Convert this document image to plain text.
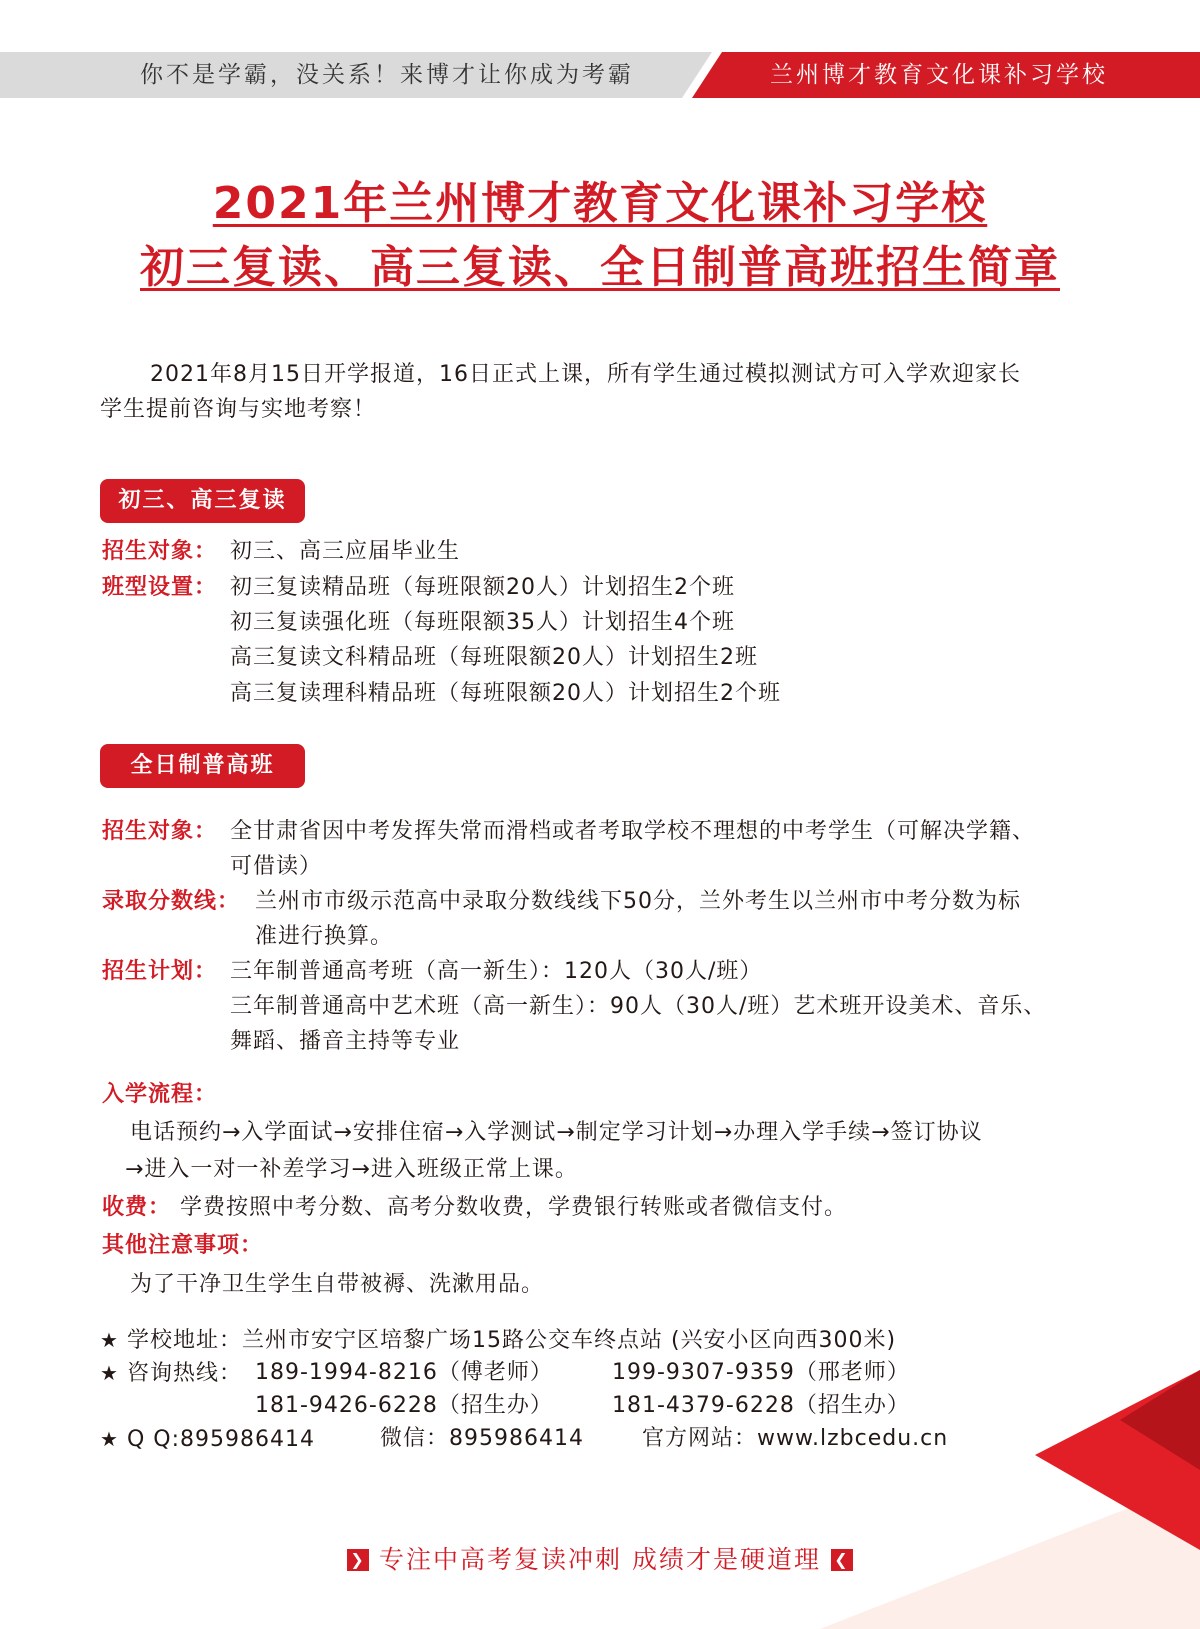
你不是学霸，没关系！来博才让你成为考霸	兰州博才教育文化课补习学校
2021年兰州博才教育文化课补习学校
初三复读、高三复读、全日制普高班招生简章
2021年8月15日开学报道，16日正式上课，所有学生通过模拟测试方可入学欢迎家长
学生提前咨询与实地考察！
初三、高三复读
招生对象： 初三、高三应届毕业生
班型设置： 初三复读精品班（每班限额20人）计划招生2个班
初三复读强化班（每班限额35人）计划招生4个班
高三复读文科精品班（每班限额20人）计划招生2班
高三复读理科精品班（每班限额20人）计划招生2个班
全日制普高班
招生对象： 全甘肃省因中考发挥失常而滑档或者考取学校不理想的中考学生（可解决学籍、
可借读）
录取分数线： 兰州市市级示范高中录取分数线线下50分，兰外考生以兰州市中考分数为标
准进行换算。
招生计划： 三年制普通高考班（高一新生）：120人（30人/班）
三年制普通高中艺术班（高一新生）：90人（30人/班）艺术班开设美术、音乐、
舞蹈、播音主持等专业
入学流程：
电话预约→入学面试→安排住宿→入学测试→制定学习计划→办理入学手续→签订协议
→进入一对一补差学习→进入班级正常上课。
收费： 学费按照中考分数、高考分数收费，学费银行转账或者微信支付。
其他注意事项：
为了干净卫生学生自带被褥、洗漱用品。
★ 学校地址：兰州市安宁区培黎广场15路公交车终点站 (兴安小区向西300米)
★ 咨询热线： 189-1994-8216（傅老师）	199-9307-9359（邢老师）
181-9426-6228（招生办）	181-4379-6228（招生办）
★ Q Q:895986414	微信：895986414	官方网站：www.lzbcedu.cn
❯ 专注中高考复读冲刺 成绩才是硬道理 ❮
